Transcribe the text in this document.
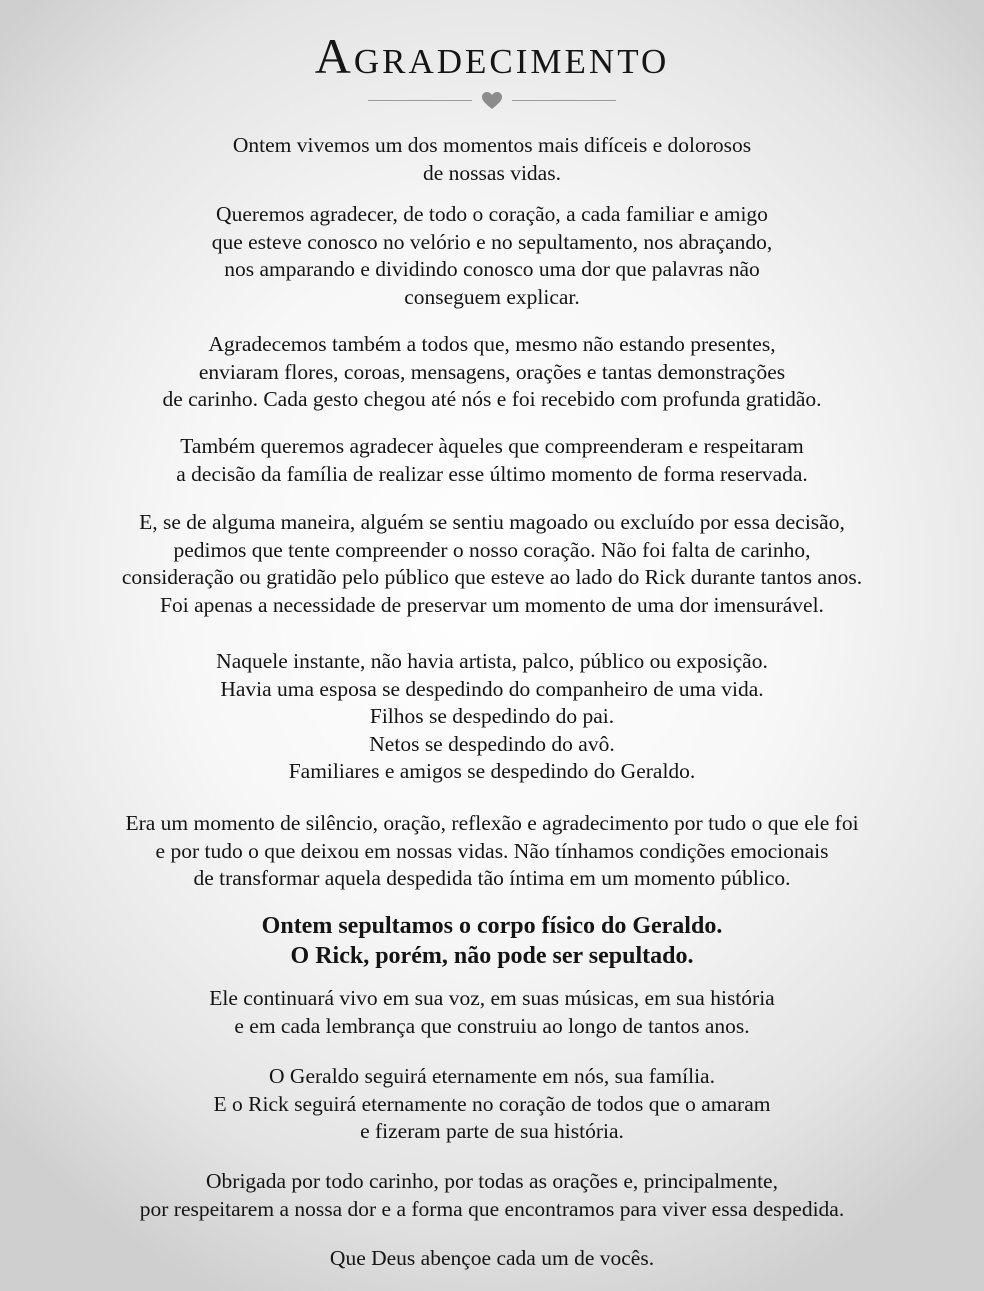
Agradecimento
Ontem vivemos um dos momentos mais difíceis e dolorosos
de nossas vidas.
Queremos agradecer, de todo o coração, a cada familiar e amigo
que esteve conosco no velório e no sepultamento, nos abraçando,
nos amparando e dividindo conosco uma dor que palavras não
conseguem explicar.
Agradecemos também a todos que, mesmo não estando presentes,
enviaram flores, coroas, mensagens, orações e tantas demonstrações
de carinho. Cada gesto chegou até nós e foi recebido com profunda gratidão.
Também queremos agradecer àqueles que compreenderam e respeitaram
a decisão da família de realizar esse último momento de forma reservada.
E, se de alguma maneira, alguém se sentiu magoado ou excluído por essa decisão,
pedimos que tente compreender o nosso coração. Não foi falta de carinho,
consideração ou gratidão pelo público que esteve ao lado do Rick durante tantos anos.
Foi apenas a necessidade de preservar um momento de uma dor imensurável.
Naquele instante, não havia artista, palco, público ou exposição.
Havia uma esposa se despedindo do companheiro de uma vida.
Filhos se despedindo do pai.
Netos se despedindo do avô.
Familiares e amigos se despedindo do Geraldo.
Era um momento de silêncio, oração, reflexão e agradecimento por tudo o que ele foi
e por tudo o que deixou em nossas vidas. Não tínhamos condições emocionais
de transformar aquela despedida tão íntima em um momento público.
Ontem sepultamos o corpo físico do Geraldo.
O Rick, porém, não pode ser sepultado.
Ele continuará vivo em sua voz, em suas músicas, em sua história
e em cada lembrança que construiu ao longo de tantos anos.
O Geraldo seguirá eternamente em nós, sua família.
E o Rick seguirá eternamente no coração de todos que o amaram
e fizeram parte de sua história.
Obrigada por todo carinho, por todas as orações e, principalmente,
por respeitarem a nossa dor e a forma que encontramos para viver essa despedida.
Que Deus abençoe cada um de vocês.
